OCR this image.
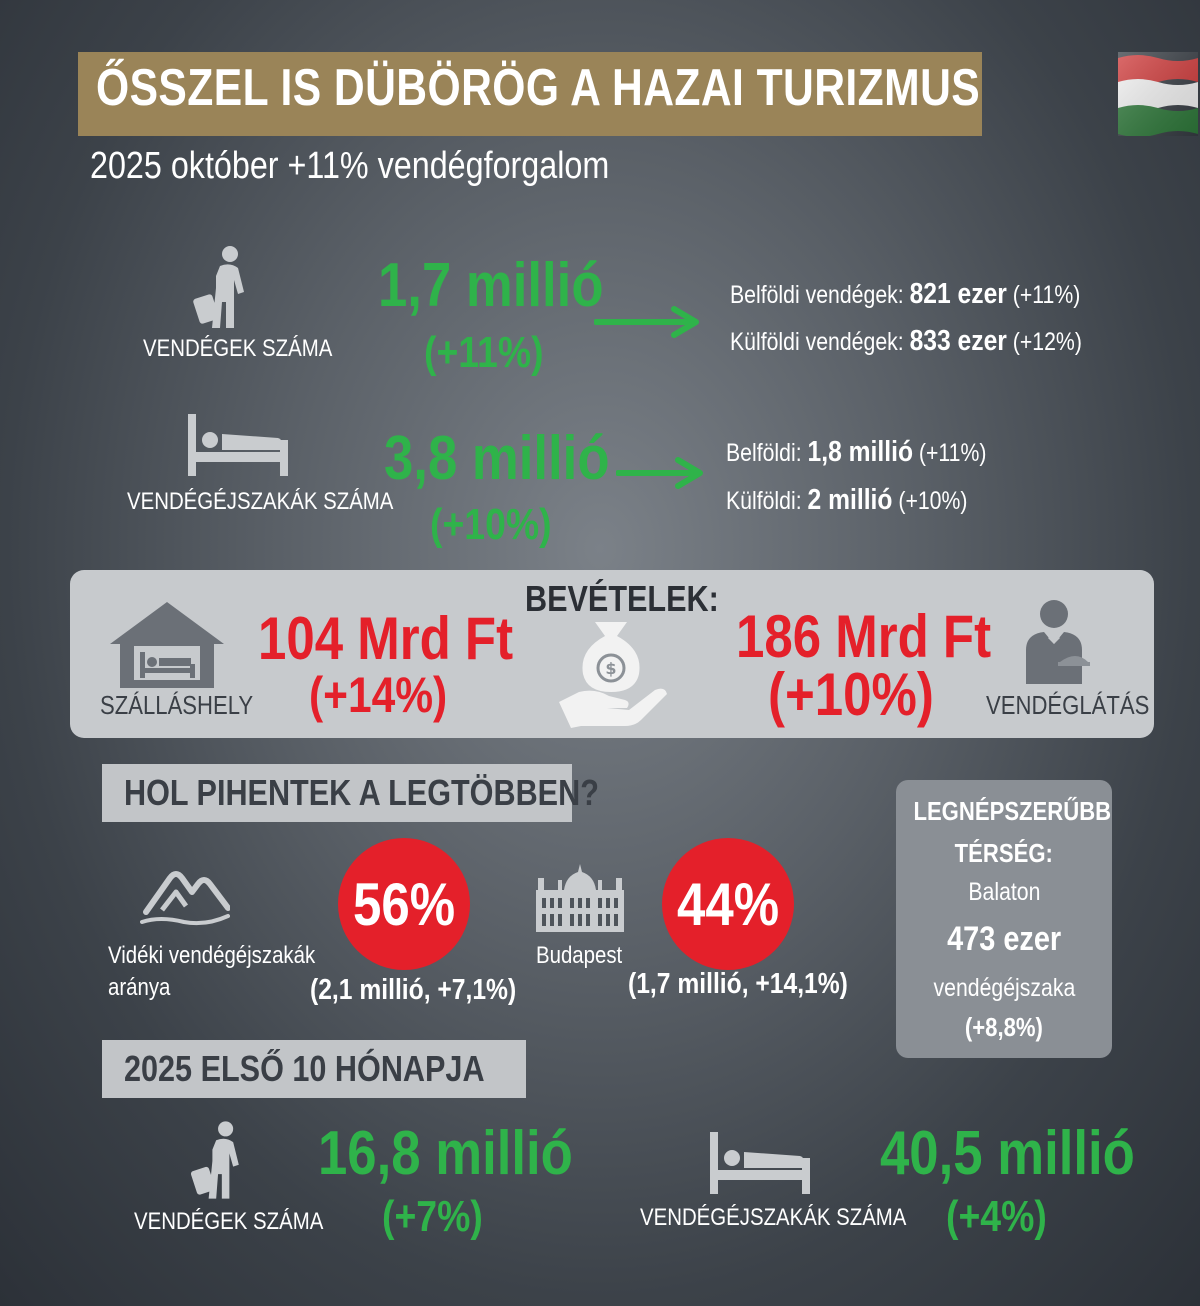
ŐSSZEL IS DÜBÖRÖG A HAZAI TURIZMUS
2025 október +11% vendégforgalom
VENDÉGEK SZÁMA
1,7 millió
(+11%)
Belföldi vendégek: 821 ezer (+11%)
Külföldi vendégek: 833 ezer (+12%)
VENDÉGÉJSZAKÁK SZÁMA
3,8 millió
(+10%)
Belföldi: 1,8 millió (+11%)
Külföldi: 2 millió (+10%)
BEVÉTELEK:
SZÁLLÁSHELY
104 Mrd Ft
(+14%)	$ 186 Mrd Ft
(+10%) VENDÉGLÁTÁS
HOL PIHENTEK A LEGTÖBBEN?
Vidéki vendégéjszakák
aránya
56%
(2,1 millió, +7,1%)
Budapest
44%
(1,7 millió, +14,1%)
LEGNÉPSZERŰBB
TÉRSÉG:
Balaton
473 ezer
vendégéjszaka
(+8,8%)
2025 ELSŐ 10 HÓNAPJA
VENDÉGEK SZÁMA
16,8 millió
(+7%)	VENDÉGÉJSZAKÁK SZÁMA
40,5 millió
(+4%)
